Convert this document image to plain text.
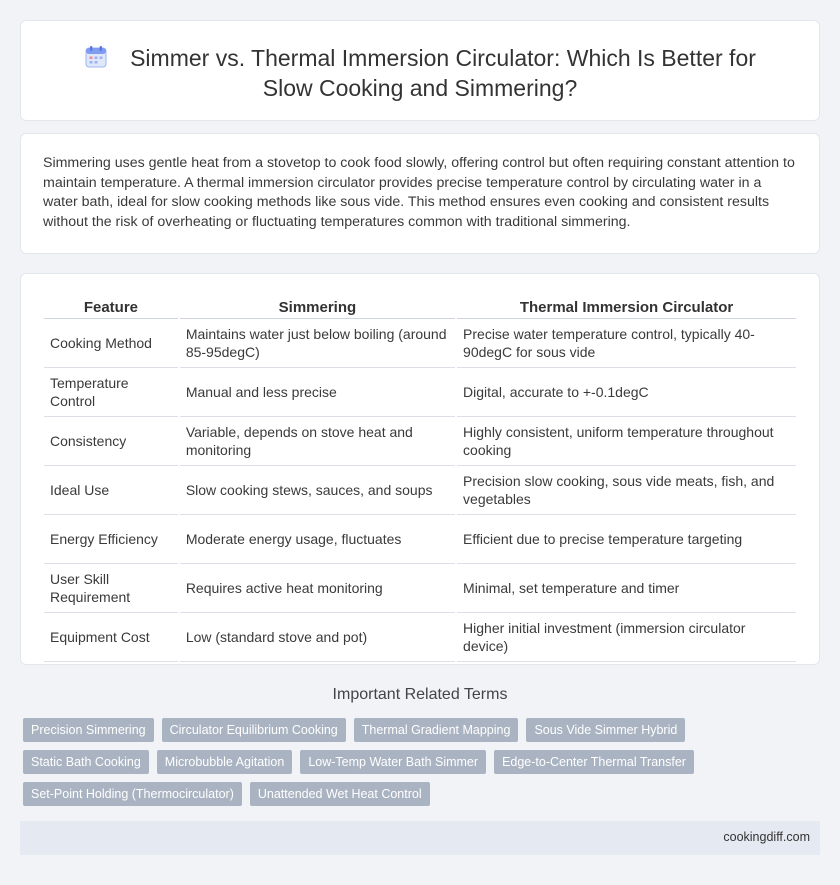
Simmer vs. Thermal Immersion Circulator: Which Is Better for Slow Cooking and Simmering?

Simmering uses gentle heat from a stovetop to cook food slowly, offering control but often requiring constant attention to maintain temperature. A thermal immersion circulator provides precise temperature control by circulating water in a water bath, ideal for slow cooking methods like sous vide. This method ensures even cooking and consistent results without the risk of overheating or fluctuating temperatures common with traditional simmering.

Feature	Simmering	Thermal Immersion Circulator
Cooking Method	Maintains water just below boiling (around 85-95degC)	Precise water temperature control, typically 40-90degC for sous vide
Temperature Control	Manual and less precise	Digital, accurate to +-0.1degC
Consistency	Variable, depends on stove heat and monitoring	Highly consistent, uniform temperature throughout cooking
Ideal Use	Slow cooking stews, sauces, and soups	Precision slow cooking, sous vide meats, fish, and vegetables
Energy Efficiency	Moderate energy usage, fluctuates	Efficient due to precise temperature targeting
User Skill Requirement	Requires active heat monitoring	Minimal, set temperature and timer
Equipment Cost	Low (standard stove and pot)	Higher initial investment (immersion circulator device)
Important Related Terms
Precision Simmering	Circulator Equilibrium Cooking	Thermal Gradient Mapping	Sous Vide Simmer Hybrid
Static Bath Cooking	Microbubble Agitation	Low-Temp Water Bath Simmer	Edge-to-Center Thermal Transfer
Set-Point Holding (Thermocirculator)	Unattended Wet Heat Control
cookingdiff.com
